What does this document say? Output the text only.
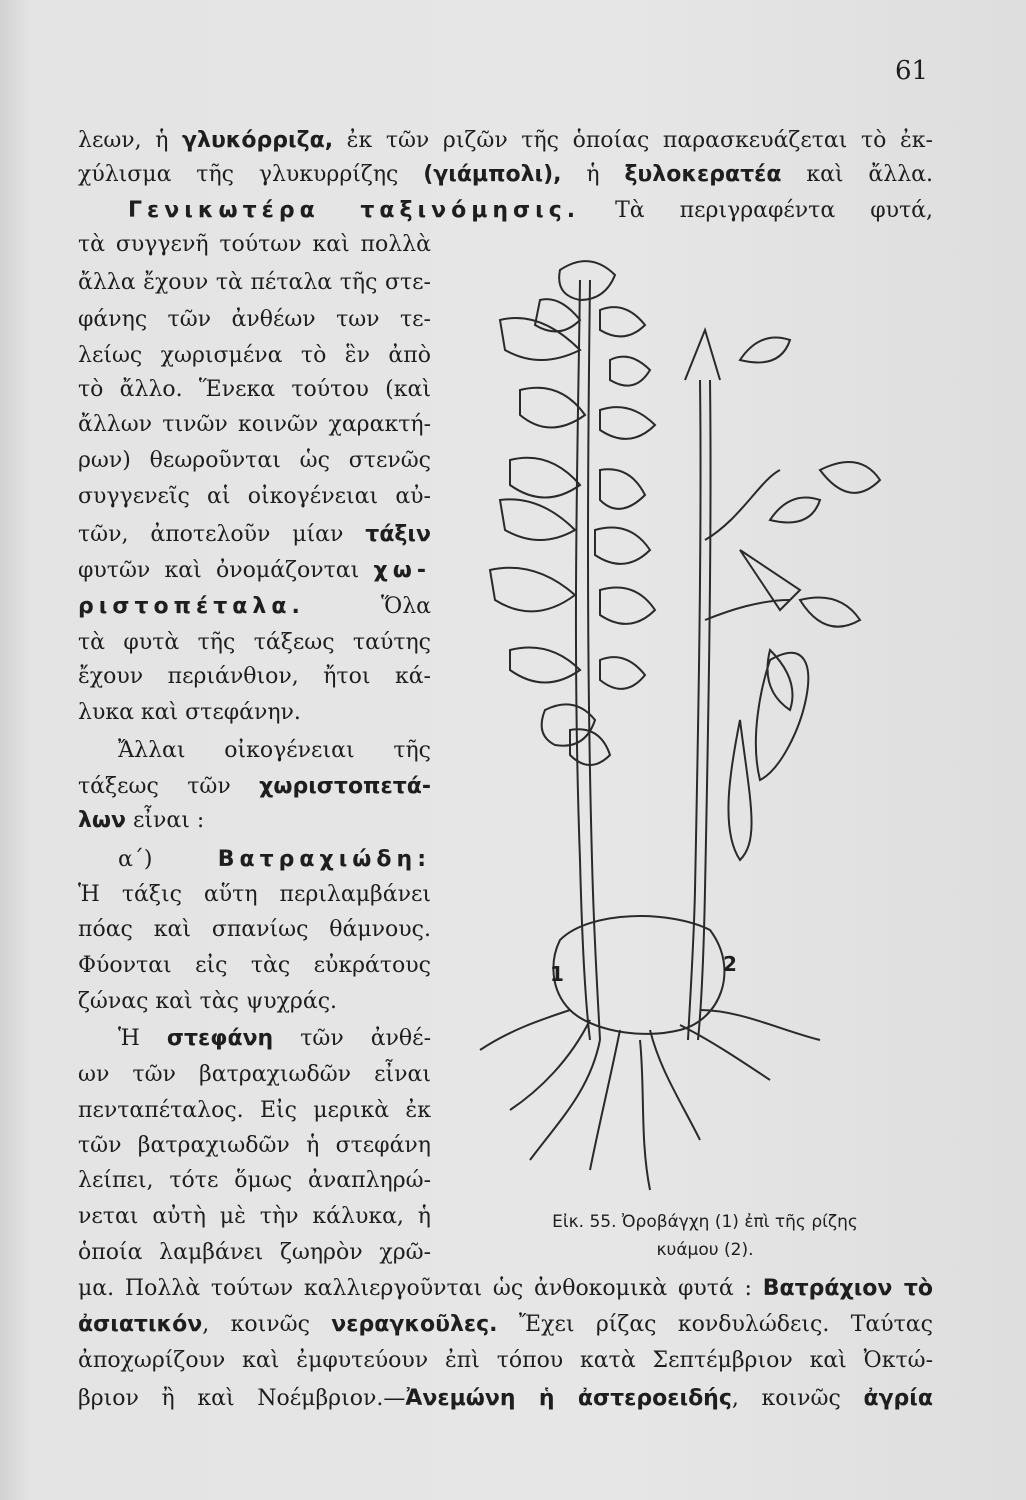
61
λεων, ἡ γλυκόρριζα, ἐκ τῶν ριζῶν τῆς ὁποίας παρασκευάζεται τὸ ἐκ-
χύλισμα τῆς γλυκυρρίζης (γιάμπολι), ἡ ξυλοκερατέα καὶ ἄλλα.
Γενικωτέρα ταξινόμησις. Τὰ περιγραφέντα φυτά,
τὰ συγγενῆ τούτων καὶ πολλὰ
ἄλλα ἔχουν τὰ πέταλα τῆς στε-
φάνης τῶν ἀνθέων των τε-
λείως χωρισμένα τὸ ἓν ἀπὸ
τὸ ἄλλο. Ἕνεκα τούτου (καὶ
ἄλλων τινῶν κοινῶν χαρακτή-
ρων) θεωροῦνται ὡς στενῶς
συγγενεῖς αἱ οἰκογένειαι αὐ-
τῶν, ἀποτελοῦν μίαν τάξιν
φυτῶν καὶ ὀνομάζονται χω-
ριστοπέταλα. Ὅλα
τὰ φυτὰ τῆς τάξεως ταύτης
ἔχουν περιάνθιον, ἤτοι κά-
λυκα καὶ στεφάνην.
Ἄλλαι οἰκογένειαι τῆς
τάξεως τῶν χωριστοπετά-
λων εἶναι :
α΄) Βατραχιώδη:
Ἡ τάξις αὕτη περιλαμβάνει
πόας καὶ σπανίως θάμνους.
Φύονται εἰς τὰς εὐκράτους
ζώνας καὶ τὰς ψυχράς.
Ἡ στεφάνη τῶν ἀνθέ-
ων τῶν βατραχιωδῶν εἶναι
πενταπέταλος. Εἰς μερικὰ ἐκ
τῶν βατραχιωδῶν ἡ στεφάνη
λείπει, τότε ὅμως ἀναπληρώ-
νεται αὐτὴ μὲ τὴν κάλυκα, ἡ
ὁποία λαμβάνει ζωηρὸν χρῶ-
μα. Πολλὰ τούτων καλλιεργοῦνται ὡς ἀνθοκομικὰ φυτά : Βατράχιον τὸ
ἀσιατικόν, κοινῶς νεραγκοῦλες. Ἔχει ρίζας κονδυλώδεις. Ταύτας
ἀποχωρίζουν καὶ ἐμφυτεύουν ἐπὶ τόπου κατὰ Σεπτέμβριον καὶ Ὀκτώ-
βριον ἢ καὶ Νοέμβριον.—Ἀνεμώνη ἡ ἀστεροειδής, κοινῶς ἀγρία
1	2
Εἰκ. 55. Ὀροβάγχη (1) ἐπὶ τῆς ρίζης
κυάμου (2).
